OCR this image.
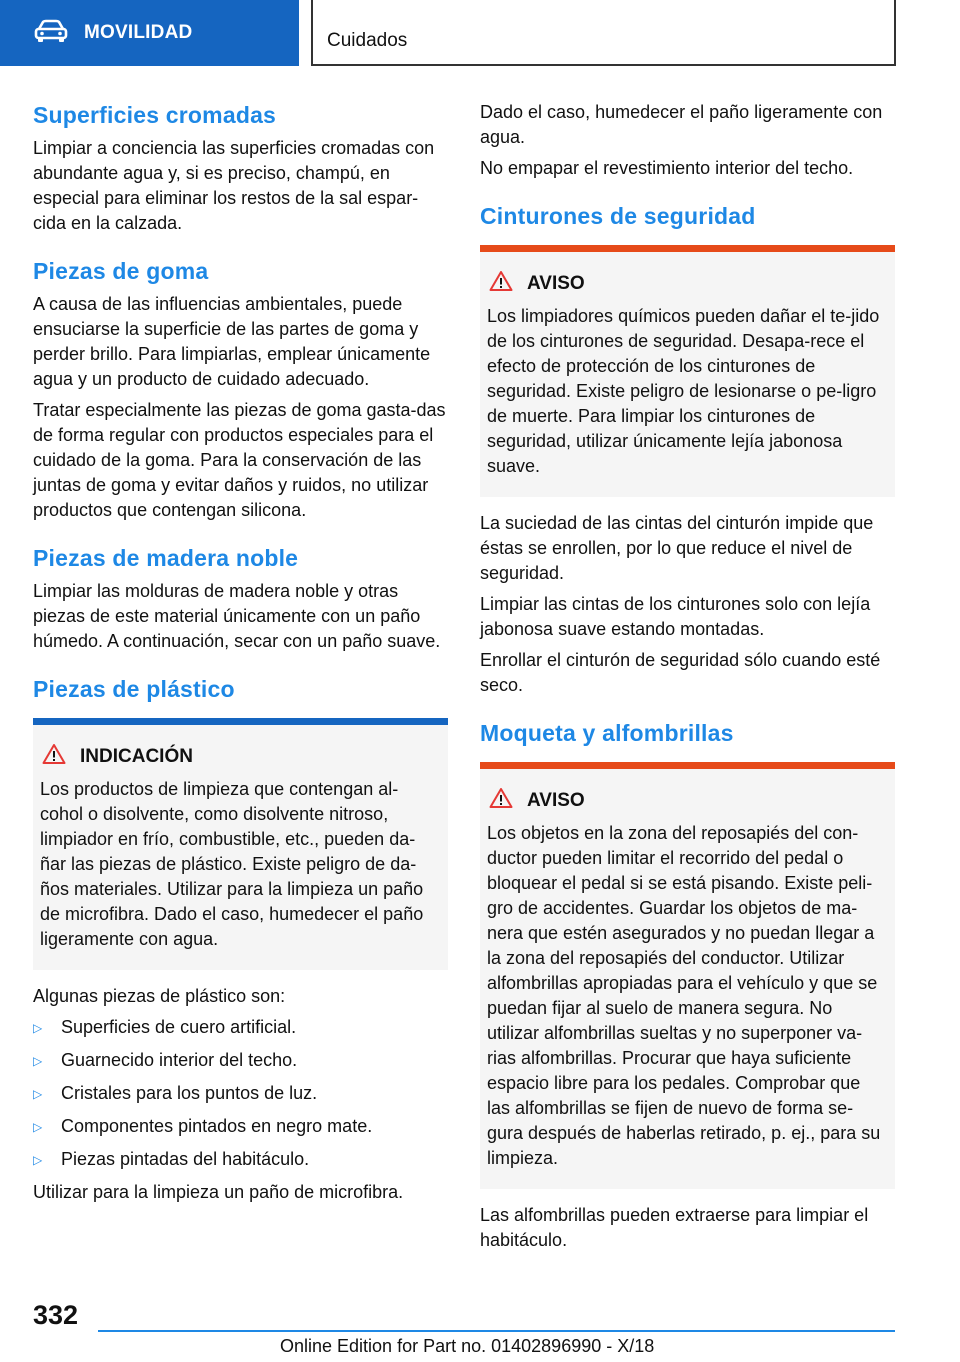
MOVILIDAD	Cuidados
Superficies cromadas

Limpiar a conciencia las superficies cromadas con abundante agua y, si es preciso, champú, en especial para eliminar los restos de la sal espar-cida en la calzada.

Piezas de goma

A causa de las influencias ambientales, puede ensuciarse la superficie de las partes de goma y perder brillo. Para limpiarlas, emplear únicamente agua y un producto de cuidado adecuado.

Tratar especialmente las piezas de goma gasta-das de forma regular con productos especiales para el cuidado de la goma. Para la conservación de las juntas de goma y evitar daños y ruidos, no utilizar productos que contengan silicona.

Piezas de madera noble

Limpiar las molduras de madera noble y otras piezas de este material únicamente con un paño húmedo. A continuación, secar con un paño suave.

Piezas de plástico
INDICACIÓN

Los productos de limpieza que contengan al-cohol o disolvente, como disolvente nitroso, limpiador en frío, combustible, etc., pueden da-ñar las piezas de plástico. Existe peligro de da-ños materiales. Utilizar para la limpieza un paño de microfibra. Dado el caso, humedecer el paño ligeramente con agua.

Algunas piezas de plástico son:

▷	Superficies de cuero artificial.
▷	Guarnecido interior del techo.
▷	Cristales para los puntos de luz.
▷	Componentes pintados en negro mate.
▷	Piezas pintadas del habitáculo.

Utilizar para la limpieza un paño de microfibra.

Dado el caso, humedecer el paño ligeramente con agua.

No empapar el revestimiento interior del techo.

Cinturones de seguridad
AVISO

Los limpiadores químicos pueden dañar el te-jido de los cinturones de seguridad. Desapa-rece el efecto de protección de los cinturones de seguridad. Existe peligro de lesionarse o pe-ligro de muerte. Para limpiar los cinturones de seguridad, utilizar únicamente lejía jabonosa suave.

La suciedad de las cintas del cinturón impide que éstas se enrollen, por lo que reduce el nivel de seguridad.

Limpiar las cintas de los cinturones solo con lejía jabonosa suave estando montadas.

Enrollar el cinturón de seguridad sólo cuando esté seco.

Moqueta y alfombrillas
AVISO

Los objetos en la zona del reposapiés del con-ductor pueden limitar el recorrido del pedal o bloquear el pedal si se está pisando. Existe peli-gro de accidentes. Guardar los objetos de ma-nera que estén asegurados y no puedan llegar a la zona del reposapiés del conductor. Utilizar alfombrillas apropiadas para el vehículo y que se puedan fijar al suelo de manera segura. No utilizar alfombrillas sueltas y no superponer va-rias alfombrillas. Procurar que haya suficiente espacio libre para los pedales. Comprobar que las alfombrillas se fijen de nuevo de forma se-gura después de haberlas retirado, p. ej., para su limpieza.

Las alfombrillas pueden extraerse para limpiar el habitáculo.

332
Online Edition for Part no. 01402896990 - X/18
